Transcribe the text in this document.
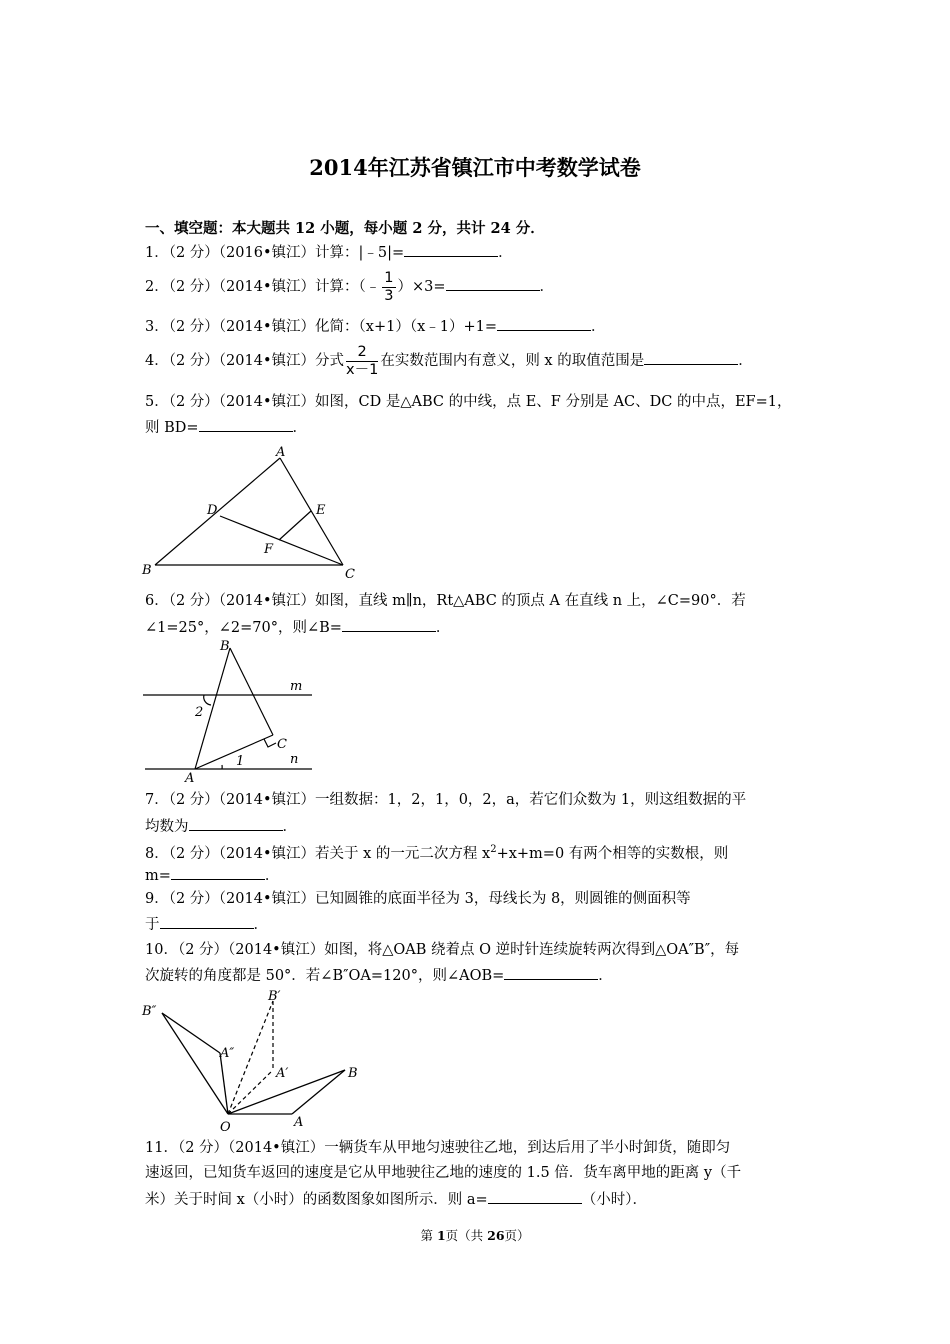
2014年江苏省镇江市中考数学试卷
一、填空题：本大题共 12 小题，每小题 2 分，共计 24 分．
1．（2 分）（2016•镇江）计算：|﹣5|=	．
2．（2 分）（2014•镇江）计算：（﹣ $\frac{1}{3} )\times 3=$	．
3．（2 分）（2014•镇江）化简：（x+1）（x﹣1）+1=	．
4．（2 分）（2014•镇江）分式 $\frac{2}{x-1}$ 在实数范围内有意义，则 x 的取值范围是	．
5．（2 分）（2014•镇江）如图，CD 是△ABC 的中线，点 E、F 分别是 AC、DC 的中点，EF=1，
则 BD=	．
A
B	C
D	E
F
6．（2 分）（2014•镇江）如图，直线 m∥n，Rt△ABC 的顶点 A 在直线 n 上，∠C=90°．若
∠1=25°，∠2=70°，则∠B=	．
B
m
n
C
A
1
2
7．（2 分）（2014•镇江）一组数据：1，2，1，0，2，a，若它们众数为 1，则这组数据的平
均数为	．
8．（2 分）（2014•镇江）若关于 x 的一元二次方程 $x^2+x+m=0$ 有两个相等的实数根，则
m=	．
9．（2 分）（2014•镇江）已知圆锥的底面半径为 3，母线长为 8，则圆锥的侧面积等
于	．
10．（2 分）（2014•镇江）如图，将△OAB 绕着点 O 逆时针连续旋转两次得到△OA″B″，每
次旋转的角度都是 50°．若∠B″OA=120°，则∠AOB=	．
B″
A″
B′
A′	B
O	A
11．（2 分）（2014•镇江）一辆货车从甲地匀速驶往乙地，到达后用了半小时卸货，随即匀
速返回，已知货车返回的速度是它从甲地驶往乙地的速度的 1.5 倍．货车离甲地的距离 y（千
米）关于时间 x（小时）的函数图象如图所示．则 a=	（小时）．
第 1页（共 26页）
